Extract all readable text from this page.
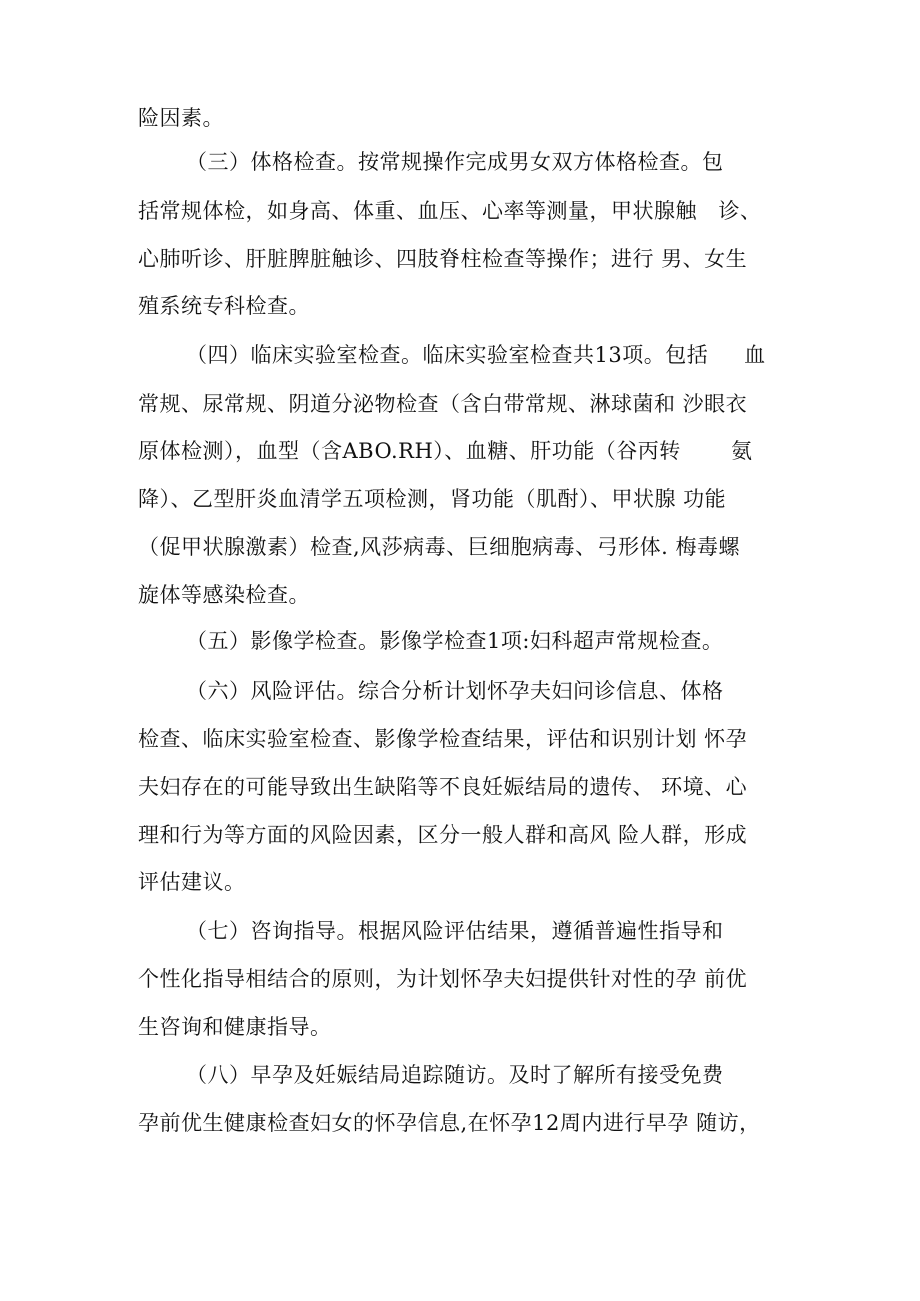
险因素。
（三）体格检查。按常规操作完成男女双方体格检查。包
括常规体检，如身高、体重、血压、心率等测量，甲状腺触   诊、
心肺听诊、肝脏脾脏触诊、四肢脊柱检查等操作；进行 男、女生
殖系统专科检查。
（四）临床实验室检查。临床实验室检查共13项。包括     血
常规、尿常规、阴道分泌物检查（含白带常规、淋球菌和 沙眼衣
原体检测），血型（含ABO.RH）、血糖、肝功能（谷丙转       氨
降）、乙型肝炎血清学五项检测，肾功能（肌酎）、甲状腺 功能
（促甲状腺激素）检查,风莎病毒、巨细胞病毒、弓形体. 梅毒螺
旋体等感染检查。
（五）影像学检查。影像学检查1项:妇科超声常规检查。
（六）风险评估。综合分析计划怀孕夫妇问诊信息、体格
检查、临床实验室检查、影像学检查结果，评估和识别计划 怀孕
夫妇存在的可能导致出生缺陷等不良妊娠结局的遗传、 环境、心
理和行为等方面的风险因素，区分一般人群和高风 险人群，形成
评估建议。
（七）咨询指导。根据风险评估结果，遵循普遍性指导和
个性化指导相结合的原则，为计划怀孕夫妇提供针对性的孕 前优
生咨询和健康指导。
（八）早孕及妊娠结局追踪随访。及时了解所有接受免费
孕前优生健康检查妇女的怀孕信息,在怀孕12周内进行早孕 随访，
